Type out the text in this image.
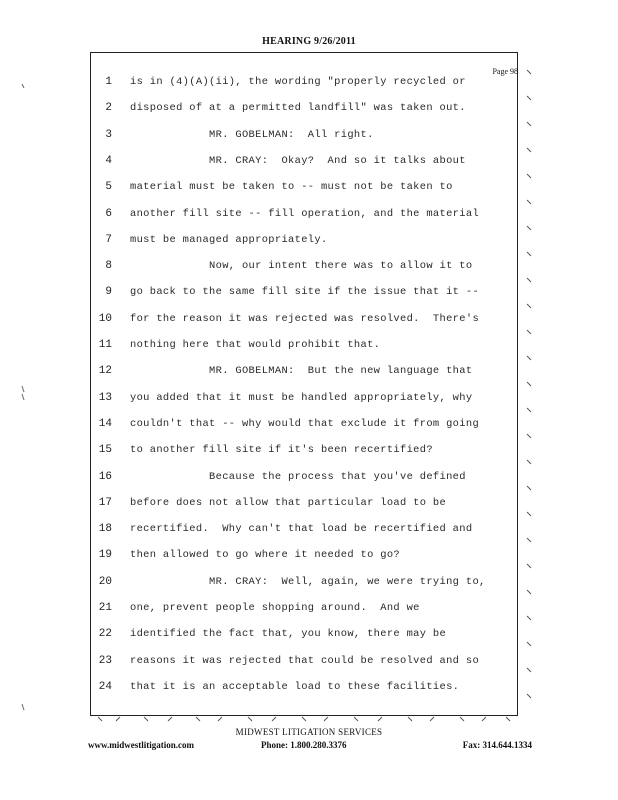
HEARING 9/26/2011
Page 98
1 is in (4)(A)(ii), the wording "properly recycled or
2 disposed of at a permitted landfill" was taken out.
3 MR. GOBELMAN:  All right.
4 MR. CRAY:  Okay?  And so it talks about
5 material must be taken to -- must not be taken to
6 another fill site -- fill operation, and the material
7 must be managed appropriately.
8 Now, our intent there was to allow it to
9 go back to the same fill site if the issue that it --
10 for the reason it was rejected was resolved.  There's
11 nothing here that would prohibit that.
12 MR. GOBELMAN:  But the new language that
13 you added that it must be handled appropriately, why
14 couldn't that -- why would that exclude it from going
15 to another fill site if it's been recertified?
16 Because the process that you've defined
17 before does not allow that particular load to be
18 recertified.  Why can't that load be recertified and
19 then allowed to go where it needed to go?
20 MR. CRAY:  Well, again, we were trying to,
21 one, prevent people shopping around.  And we
22 identified the fact that, you know, there may be
23 reasons it was rejected that could be resolved and so
24 that it is an acceptable load to these facilities.
MIDWEST LITIGATION SERVICES
www.midwestlitigation.com	Phone: 1.800.280.3376	Fax: 314.644.1334
